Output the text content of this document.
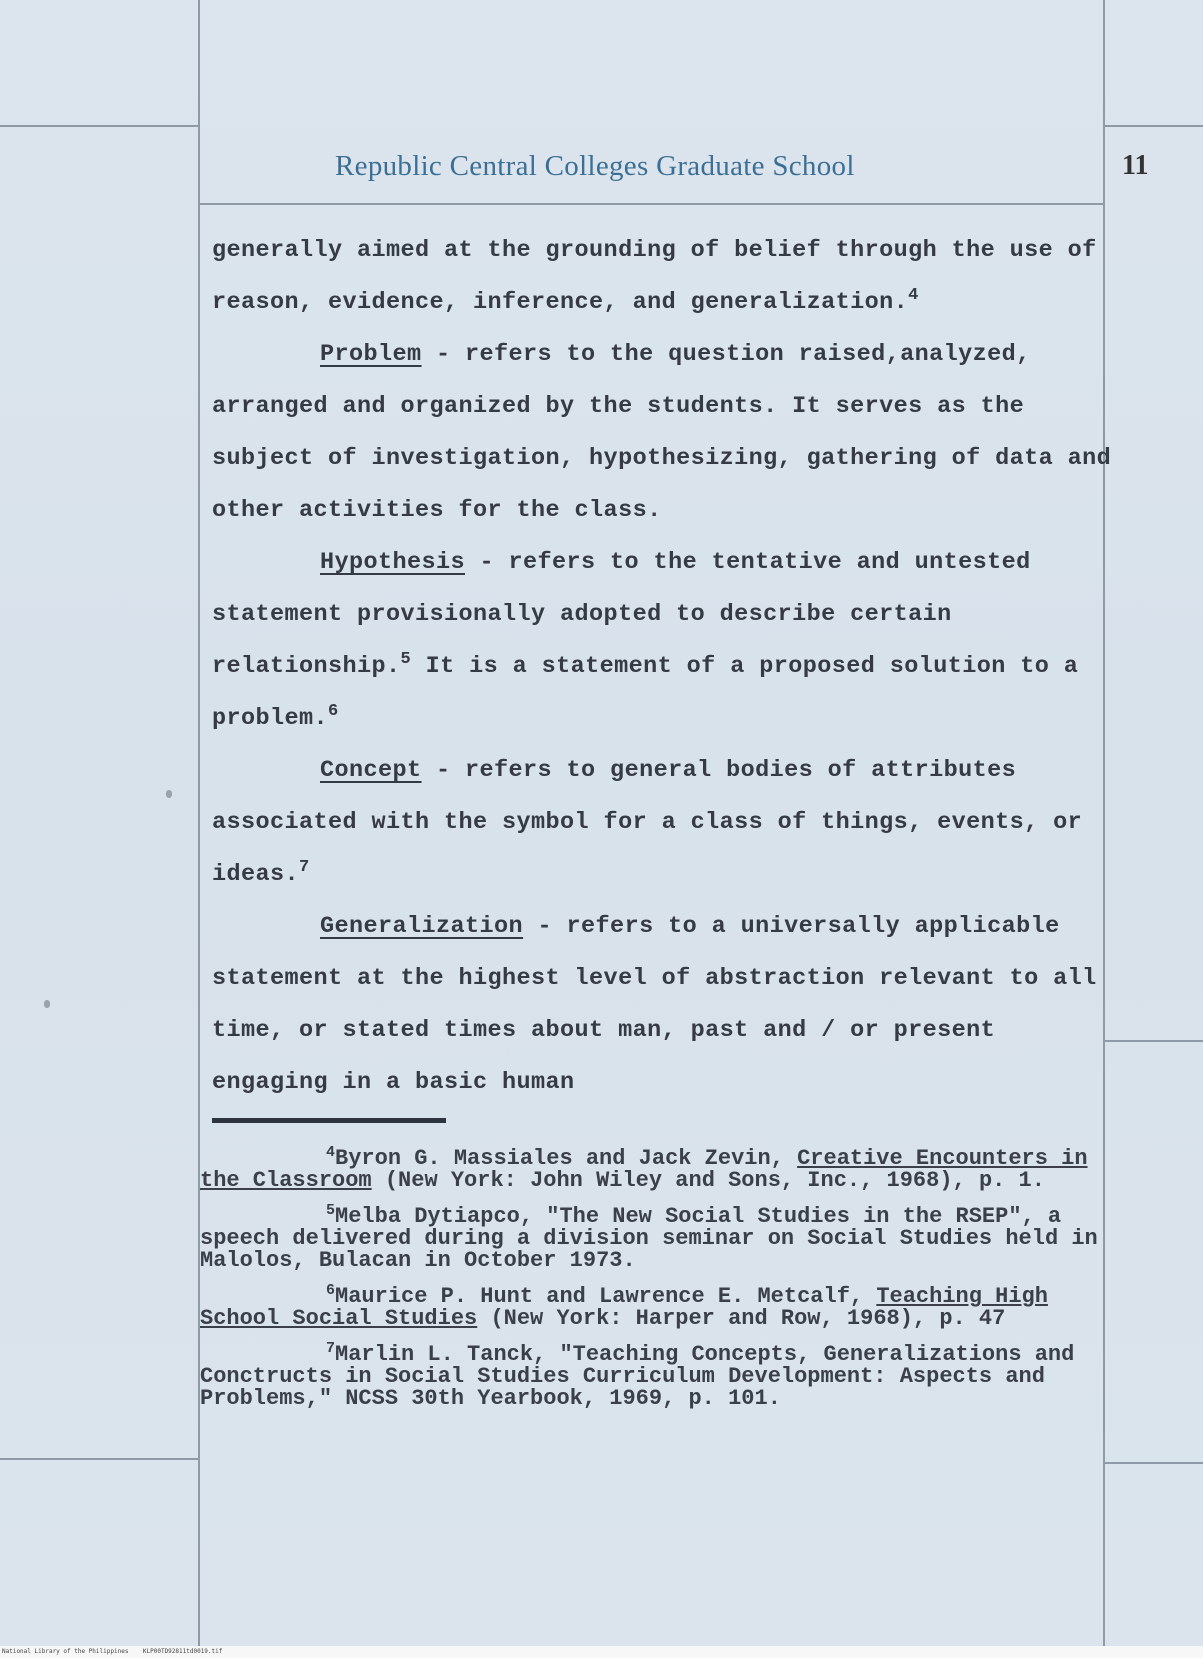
Republic Central Colleges Graduate School	11

generally aimed at the grounding of belief through the use of reason, evidence, inference, and generalization.$^4$

Problem - refers to the question raised,analyzed, arranged and organized by the students. It serves as the subject of investigation, hypothesizing, gathering of data and other activities for the class.

Hypothesis - refers to the tentative and untested statement provisionally adopted to describe certain relationship.$^5$ It is a statement of a proposed solution to a problem.$^6$

Concept - refers to general bodies of attributes associated with the symbol for a class of things, events, or ideas.$^7$

Generalization - refers to a universally applicable statement at the highest level of abstraction relevant to all time, or stated times about man, past and / or present engaging in a basic human

$^4$Byron G. Massiales and Jack Zevin, Creative Encounters in the Classroom (New York: John Wiley and Sons, Inc., 1968), p. 1.
$^5$Melba Dytiapco, "The New Social Studies in the RSEP", a speech delivered during a division seminar on Social Studies held in Malolos, Bulacan in October 1973.
$^6$Maurice P. Hunt and Lawrence E. Metcalf, Teaching High School Social Studies (New York: Harper and Row, 1968), p. 47
$^7$Marlin L. Tanck, "Teaching Concepts, Generalizations and Conctructs in Social Studies Curriculum Development: Aspects and Problems," NCSS 30th Yearbook, 1969, p. 101.
National Library of the Philippines KLP00TD92811td0019.tif
